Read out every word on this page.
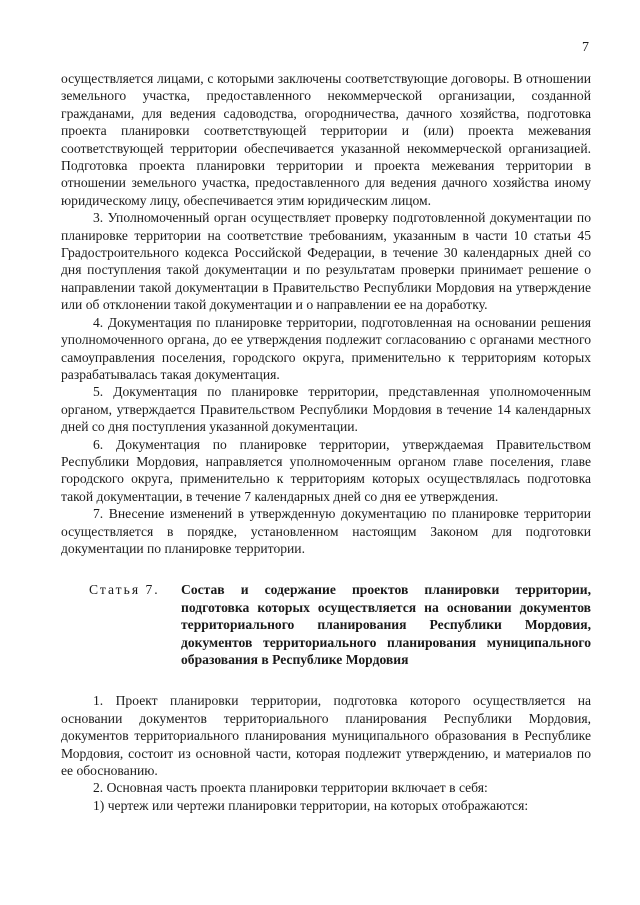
7

осуществляется лицами, с которыми заключены соответствующие договоры. В отношении земельного участка, предоставленного некоммерческой организации, созданной гражданами, для ведения садоводства, огородничества, дачного хозяйства, подготовка проекта планировки соответствующей территории и (или) проекта межевания соответствующей территории обеспечивается указанной некоммерческой организацией. Подготовка проекта планировки территории и проекта межевания территории в отношении земельного участка, предоставленного для ведения дачного хозяйства иному юридическому лицу, обеспечивается этим юридическим лицом.

3. Уполномоченный орган осуществляет проверку подготовленной документации по планировке территории на соответствие требованиям, указанным в части 10 статьи 45 Градостроительного кодекса Российской Федерации, в течение 30 календарных дней со дня поступления такой документации и по результатам проверки принимает решение о направлении такой документации в Правительство Республики Мордовия на утверждение или об отклонении такой документации и о направлении ее на доработку.

4. Документация по планировке территории, подготовленная на основании решения уполномоченного органа, до ее утверждения подлежит согласованию с органами местного самоуправления поселения, городского округа, применительно к территориям которых разрабатывалась такая документация.

5. Документация по планировке территории, представленная уполномоченным органом, утверждается Правительством Республики Мордовия в течение 14 календарных дней со дня поступления указанной документации.

6. Документация по планировке территории, утверждаемая Правительством Республики Мордовия, направляется уполномоченным органом главе поселения, главе городского округа, применительно к территориям которых осуществлялась подготовка такой документации, в течение 7 календарных дней со дня ее утверждения.

7. Внесение изменений в утвержденную документацию по планировке территории осуществляется в порядке, установленном настоящим Законом для подготовки документации по планировке территории.

Статья 7.	Состав и содержание проектов планировки территории, подготовка которых осуществляется на основании документов территориального планирования Республики Мордовия, документов территориального планирования муниципального образования в Республике Мордовия

1. Проект планировки территории, подготовка которого осуществляется на основании документов территориального планирования Республики Мордовия, документов территориального планирования муниципального образования в Республике Мордовия, состоит из основной части, которая подлежит утверждению, и материалов по ее обоснованию.

2. Основная часть проекта планировки территории включает в себя:

1) чертеж или чертежи планировки территории, на которых отображаются:
